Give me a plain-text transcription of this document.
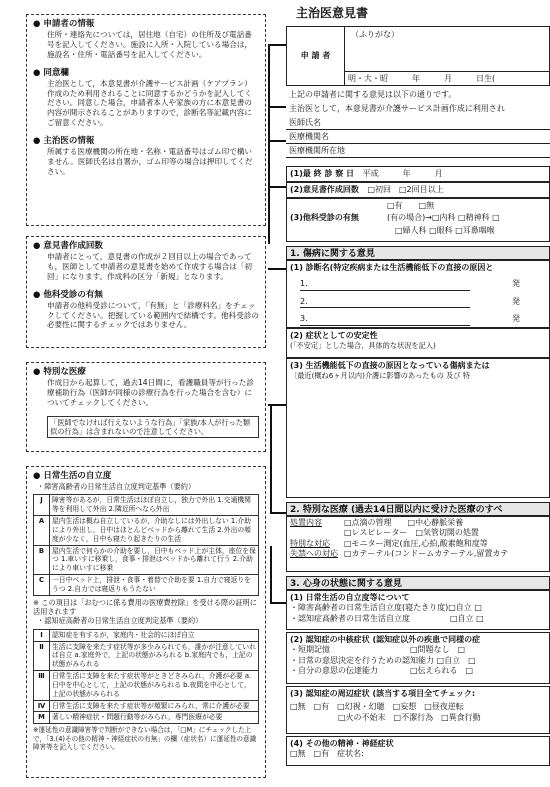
● 申請者の情報
住所・連絡先については，居住地（自宅）の住所及び電話番号を記入してください。施設に入所・入院している場合は，施設名・住所・電話番号を記入してください。
● 同意欄
主治医として，本意見書が介護サービス計画（ケアプラン）作成のため利用されることに同意するかどうかを記入してください。同意した場合，申請者本人や家族の方に本意見書の内容が開示されることがありますので，診断名等記載内容にご留意ください。
● 主治医の情報
所属する医療機関の所在地・名称・電話番号はゴム印で構いません。医師氏名は自署か，ゴム印等の場合は押印してください。
● 意見書作成回数
申請者にとって，意見書の作成が２回目以上の場合であっても，医師として申請者の意見書を始めて作成する場合は「初回」になります。作成料の区分「新規」となります。
● 他科受診の有無
申請者の他科受診について，「有無」と「診療科名」をチェックしてください。把握している範囲内で結構です。他科受診の必要性に関するチェックではありません。
● 特別な医療
作成日から起算して，過去14日間に，看護職員等が行った診療補助行為（医師が同様の診療行為を行った場合を含む）についてチェックしてください。
「医師でなければ行えないような行為」「家族/本人が行った類似の行為」は含まれないので注意してください。
● 日常生活の自立度
・障害高齢者の日常生活自立度判定基準（要約）
J	障害等があるが，日常生活はほぼ自立し，独力で外出 1.交通機関等を利用して外出 2.隣近所へなら外出
A	屋内生活は概ね自立しているが，介助なしには外出しない 1.介助により外出し，日中はほとんどベッドから離れて生活 2.外出の頻度が少なく，日中も寝たり起きたりの生活
B	屋内生活で何らかの介助を要し，日中もベッド上が主体，座位を保つ 1.車いすに移乗し，食事・排泄はベッドから離れて行う 2.介助により車いすに移乗
C	一日中ベッド上，排泄・食事・着替で介助を要 1.自力で寝返りをうつ 2.自力では寝返りもうたない
※ この項目は「おむつに係る費用の医療費控除」を受ける際の証明に活用されます
・認知症高齢者の日常生活自立度判定基準（要約）
Ⅰ	認知症を有するが，家庭内・社会的にほぼ自立
Ⅱ	生活に支障を来たす症状等が多少みられても，誰かが注意していれば自立 a.家庭外で，上記の状態がみられる b.家庭内でも，上記の状態がみられる
Ⅲ	日常生活に支障を来たす症状等がときどきみられ，介護が必要 a.日中を中心として，上記の状態がみられる b.夜間を中心として，上記の状態がみられる
Ⅳ	日常生活に支障を来たす症状等が頻繁にみられ，常に介護が必要
M	著しい精神症状・問題行動等がみられ，専門医療が必要
※運延性の意識障害等で判断ができない場合は，「□M」にチェックした上で，「3.(4)その他の精神・神経症状の有無」の欄（症状名）に運延性の意識障害等を記入してください。
主治医意見書
申 請 者
（ふりがな）
明・大・昭　　　年　　　月　　　日生(　
上記の申請者に関する意見は以下の通りです。
主治医として，本意見書が介護サービス計画作成に利用され
医師氏名
医療機関名
医療機関所在地
(1)最 終 診 察 日 平成　　　年　　　月
(2)意見書作成回数 □初回　□2回目以上
(3)他科受診の有無
□有　　□無
(有の場合)→□内科 □精神科 □
　□婦人科 □眼科 □耳鼻咽喉
1. 傷病に関する意見
(1) 診断名(特定疾病または生活機能低下の直接の原因と
1.	発
2.	発
3.	発
(2) 症状としての安定性
(「不安定」とした場合、具体的な状況を記入)
(3) 生活機能低下の直接の原因となっている傷病または
〔最近(概ね6ヶ月以内)介護に影響のあったもの 及び 特
2. 特別な医療 (過去14日間以内に受けた医療のすべ
処置内容	□点滴の管理　　□中心静脈栄養
□レスピレーター　□気管切開の処置
特別な対応 □モニター測定(血圧,心拍,酸素飽和度等
失禁への対応 □カテーテル(コンドームカテーテル,留置カテ
3. 心身の状態に関する意見
(1) 日常生活の自立度等について
・障害高齢者の日常生活自立度(寝たきり度)□自立 □
・認知症高齢者の日常生活自立度　　　　　□自立 □
(2) 認知症の中核症状 (認知症以外の疾患で同様の症
・短期記憶　　　　　　　　　　□問題なし　□
・日常の意思決定を行うための認知能力 □自立　□
・自分の意思の伝達能力　　　　□伝えられる　□
(3) 認知症の周辺症状 (該当する項目全てチェック:
□無　□有　□幻視・幻聴　□妄想　□昼夜逆転
　　　　　　□火の不始末　□不潔行為　□異食行動
(4) その他の精神・神経症状
□無　□有　症状名:
